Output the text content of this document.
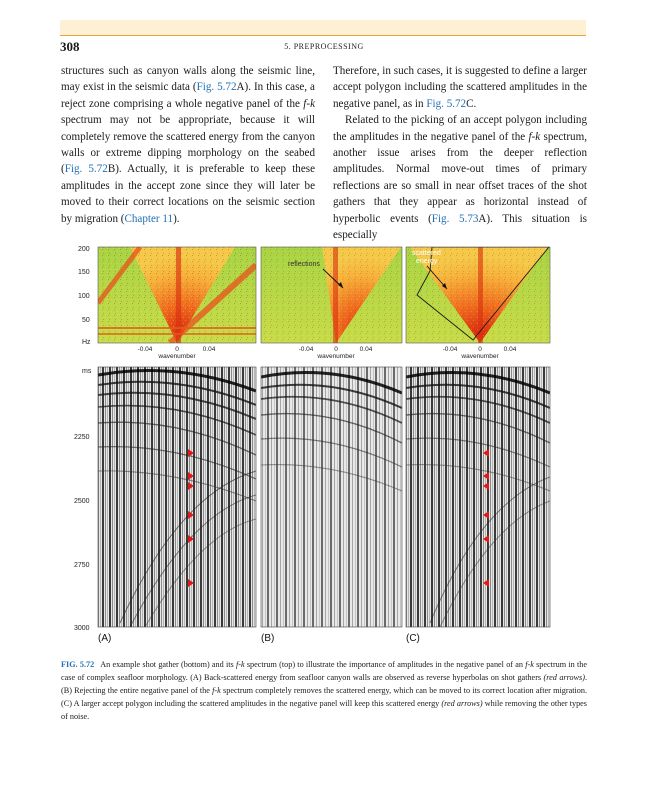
308	5. PREPROCESSING

structures such as canyon walls along the seismic line, may exist in the seismic data (Fig. 5.72A). In this case, a reject zone comprising a whole negative panel of the f-k spectrum may not be appropriate, because it will completely remove the scattered energy from the canyon walls or extreme dipping morphology on the seabed (Fig. 5.72B). Actually, it is preferable to keep these amplitudes in the accept zone since they will later be moved to their correct locations on the seismic section by migration (Chapter 11).

Therefore, in such cases, it is suggested to define a larger accept polygon including the scattered amplitudes in the negative panel, as in Fig. 5.72C.

Related to the picking of an accept polygon including the amplitudes in the negative panel of the f-k spectrum, another issue arises from the deeper reflection amplitudes. Normal move-out times of primary reflections are so small in near offset traces of the shot gathers that they appear as horizontal instead of hyperbolic events (Fig. 5.73A). This situation is especially

reflections
scattered
energy
200
150
100
50
Hz
-0.04	0	0.04
wavenumber
-0.04	0	0.04
wavenumber
-0.04	0	0.04
wavenumber
ms
2250
2500
2750
3000
(A)	(B)	(C)
FIG. 5.72 An example shot gather (bottom) and its f-k spectrum (top) to illustrate the importance of amplitudes in the negative panel of an f-k spectrum in the case of complex seafloor morphology. (A) Back-scattered energy from seafloor canyon walls are observed as reverse hyperbolas on shot gathers (red arrows). (B) Rejecting the entire negative panel of the f-k spectrum completely removes the scattered energy, which can be moved to its correct location after migration. (C) A larger accept polygon including the scattered amplitudes in the negative panel will keep this scattered energy (red arrows) while removing the other types of noise.
